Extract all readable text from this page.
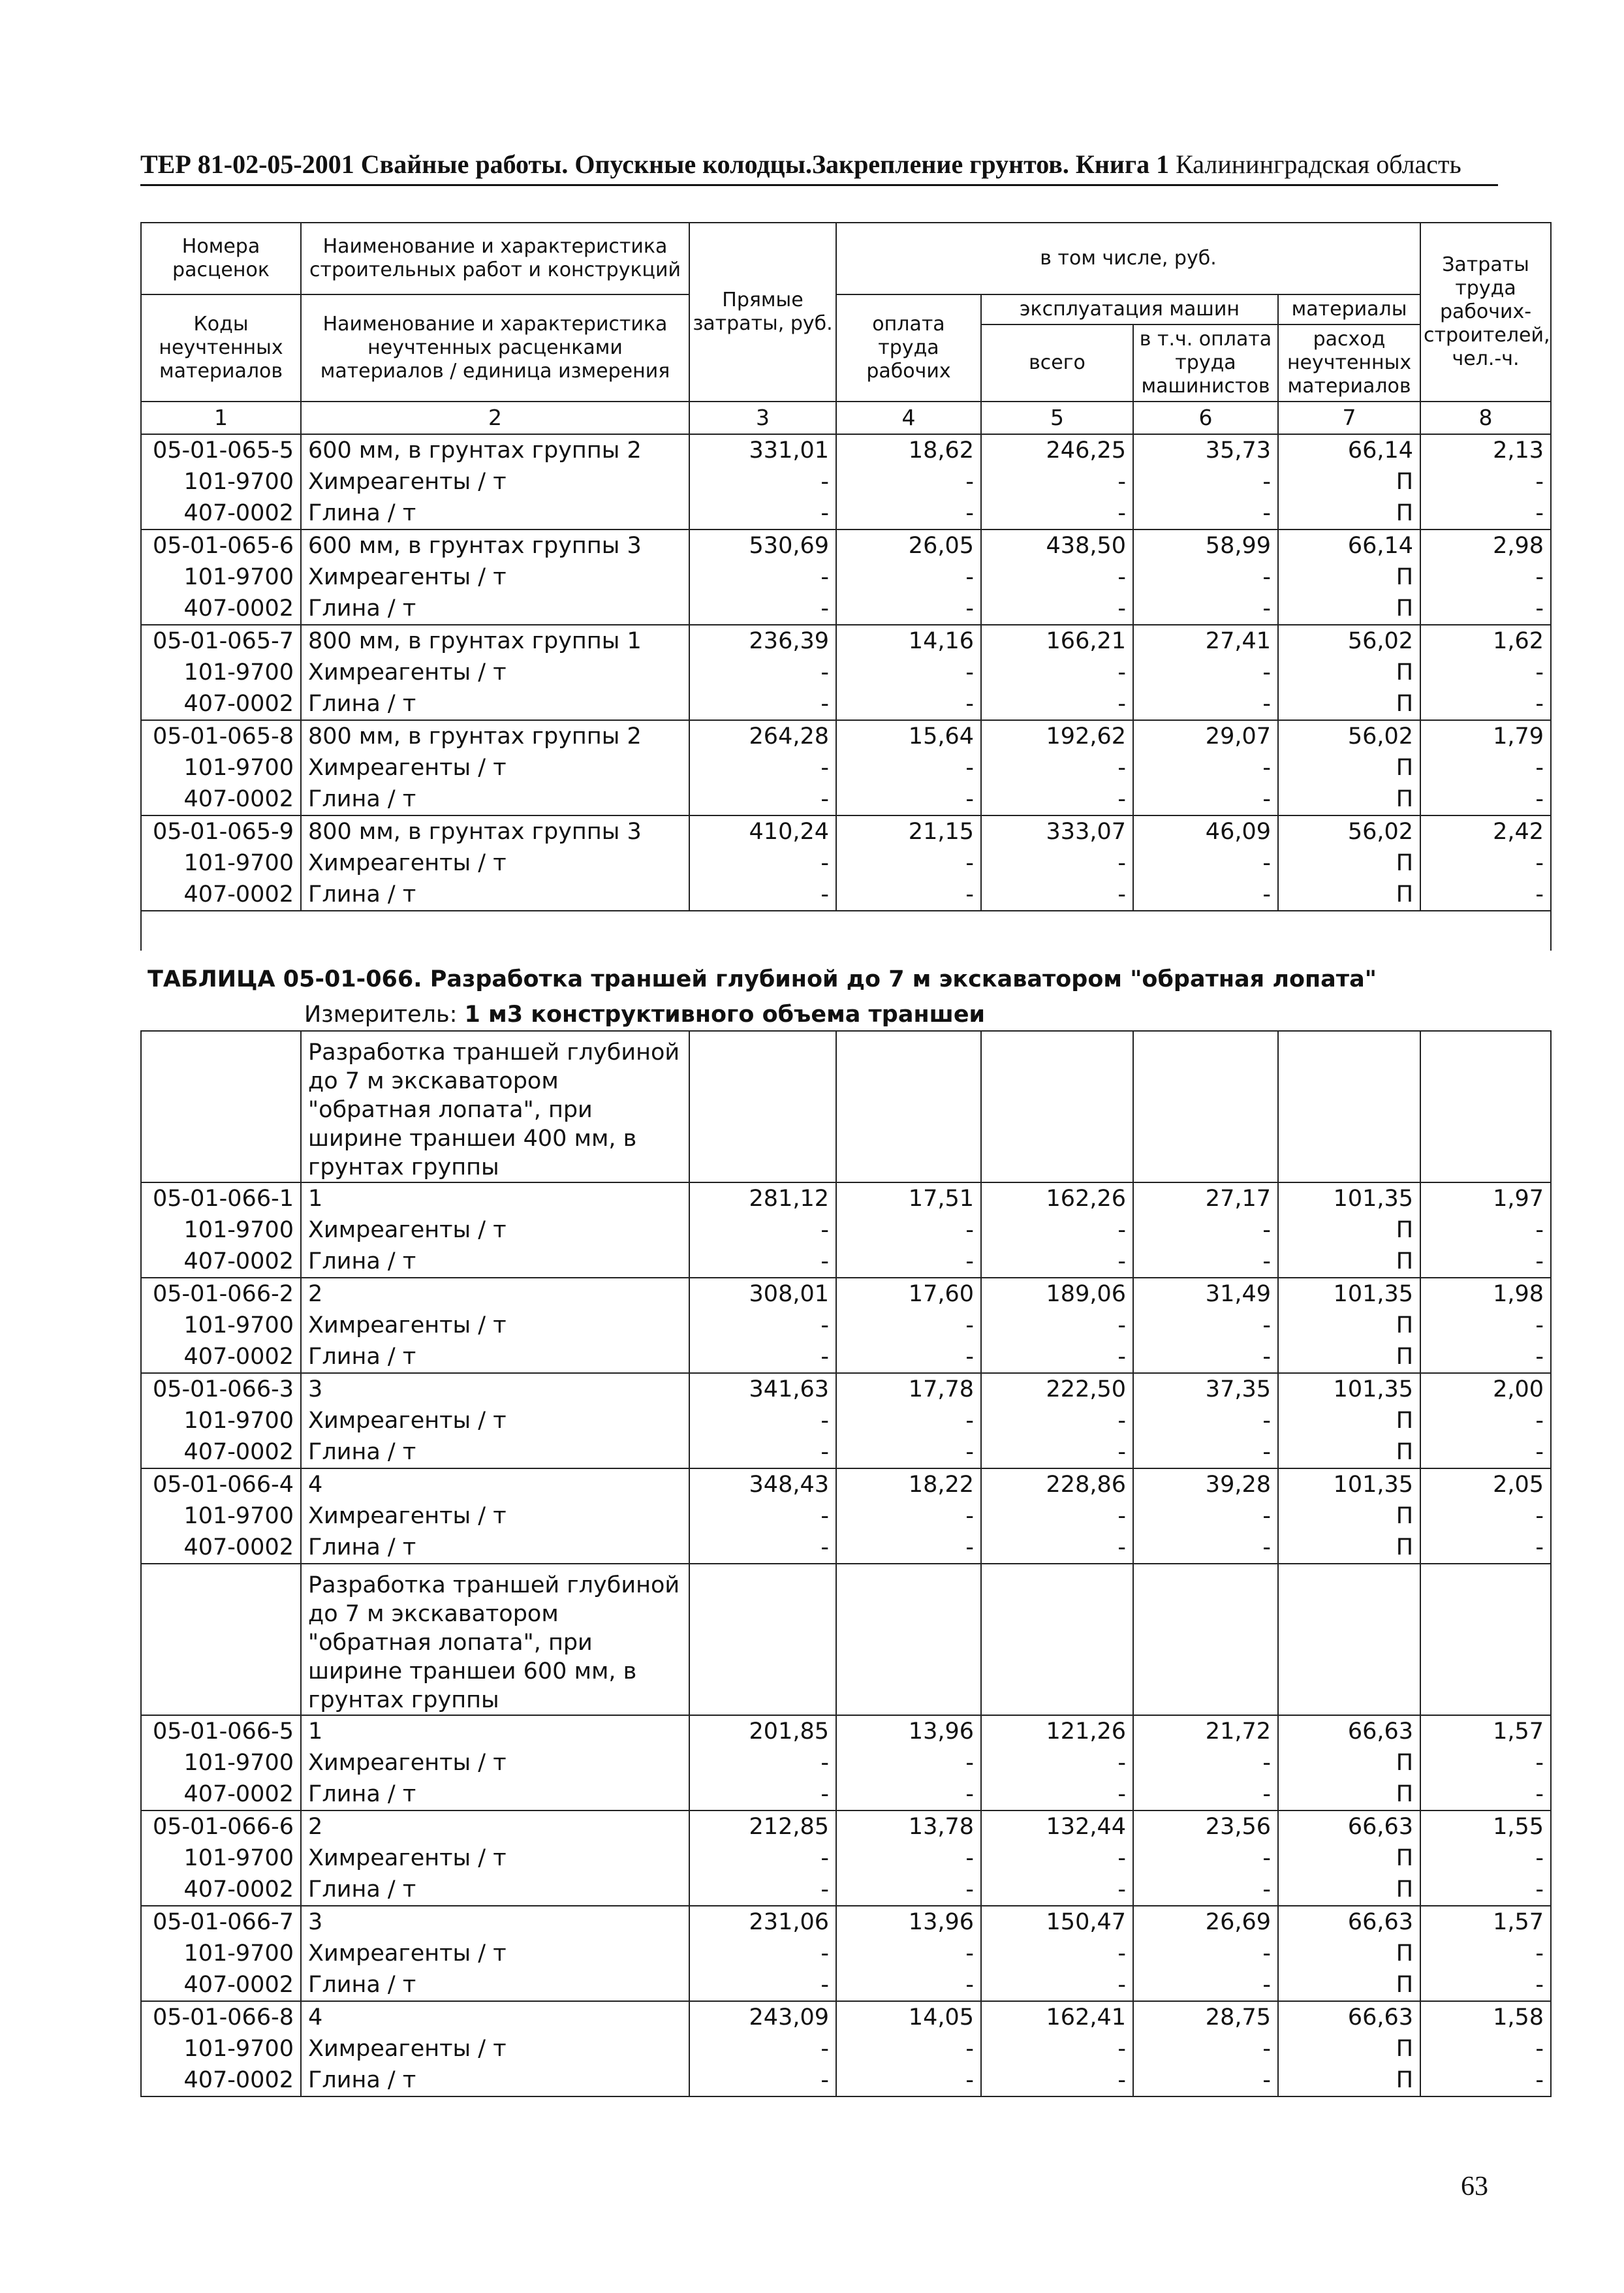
ТЕР 81-02-05-2001 Свайные работы. Опускные колодцы.Закрепление грунтов. Книга 1 Калининградская область
Номера расценок	Наименование и характеристика строительных работ и конструкций	Прямые затраты, руб.	в том числе, руб.				Затраты труда рабочих-строителей, чел.-ч.
Коды неучтенных материалов	Наименование и характеристика неучтенных расценками материалов / единица измерения		оплата труда рабочих	эксплуатация машин		материалы	
				всего	в т.ч. оплата труда машинистов	расход неучтенных материалов	
1	2	3	4	5	6	7	8
05-01-065-5	600 мм, в грунтах группы 2	331,01	18,62	246,25	35,73	66,14	2,13
101-9700	Химреагенты / т	-	-	-	-	П	-
407-0002	Глина / т	-	-	-	-	П	-
05-01-065-6	600 мм, в грунтах группы 3	530,69	26,05	438,50	58,99	66,14	2,98
101-9700	Химреагенты / т	-	-	-	-	П	-
407-0002	Глина / т	-	-	-	-	П	-
05-01-065-7	800 мм, в грунтах группы 1	236,39	14,16	166,21	27,41	56,02	1,62
101-9700	Химреагенты / т	-	-	-	-	П	-
407-0002	Глина / т	-	-	-	-	П	-
05-01-065-8	800 мм, в грунтах группы 2	264,28	15,64	192,62	29,07	56,02	1,79
101-9700	Химреагенты / т	-	-	-	-	П	-
407-0002	Глина / т	-	-	-	-	П	-
05-01-065-9	800 мм, в грунтах группы 3	410,24	21,15	333,07	46,09	56,02	2,42
101-9700	Химреагенты / т	-	-	-	-	П	-
407-0002	Глина / т	-	-	-	-	П	-

ТАБЛИЦА 05-01-066. Разработка траншей глубиной до 7 м экскаватором "обратная лопата"							
Измеритель: 1 м3 конструктивного объема траншеи							
	Разработка траншей глубиной до 7 м экскаватором "обратная лопата", при ширине траншеи 400 мм, в грунтах группы						
05-01-066-1	1	281,12	17,51	162,26	27,17	101,35	1,97
101-9700	Химреагенты / т	-	-	-	-	П	-
407-0002	Глина / т	-	-	-	-	П	-
05-01-066-2	2	308,01	17,60	189,06	31,49	101,35	1,98
101-9700	Химреагенты / т	-	-	-	-	П	-
407-0002	Глина / т	-	-	-	-	П	-
05-01-066-3	3	341,63	17,78	222,50	37,35	101,35	2,00
101-9700	Химреагенты / т	-	-	-	-	П	-
407-0002	Глина / т	-	-	-	-	П	-
05-01-066-4	4	348,43	18,22	228,86	39,28	101,35	2,05
101-9700	Химреагенты / т	-	-	-	-	П	-
407-0002	Глина / т	-	-	-	-	П	-
	Разработка траншей глубиной до 7 м экскаватором "обратная лопата", при ширине траншеи 600 мм, в грунтах группы						
05-01-066-5	1	201,85	13,96	121,26	21,72	66,63	1,57
101-9700	Химреагенты / т	-	-	-	-	П	-
407-0002	Глина / т	-	-	-	-	П	-
05-01-066-6	2	212,85	13,78	132,44	23,56	66,63	1,55
101-9700	Химреагенты / т	-	-	-	-	П	-
407-0002	Глина / т	-	-	-	-	П	-
05-01-066-7	3	231,06	13,96	150,47	26,69	66,63	1,57
101-9700	Химреагенты / т	-	-	-	-	П	-
407-0002	Глина / т	-	-	-	-	П	-
05-01-066-8	4	243,09	14,05	162,41	28,75	66,63	1,58
101-9700	Химреагенты / т	-	-	-	-	П	-
407-0002	Глина / т	-	-	-	-	П	-
63
